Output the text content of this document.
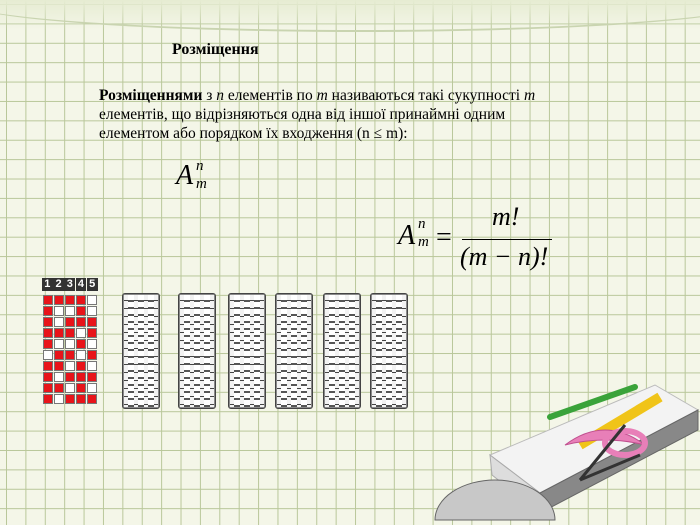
Розміщення
Розміщеннями з n елементів по m називаються такі сукупності m елементів, що відрізняються одна від іншої принаймні одним елементом або порядком їх входження (n ≤ m):
A n
m
A n
m =
m!
(m − n)!
1 2 3 4 5
